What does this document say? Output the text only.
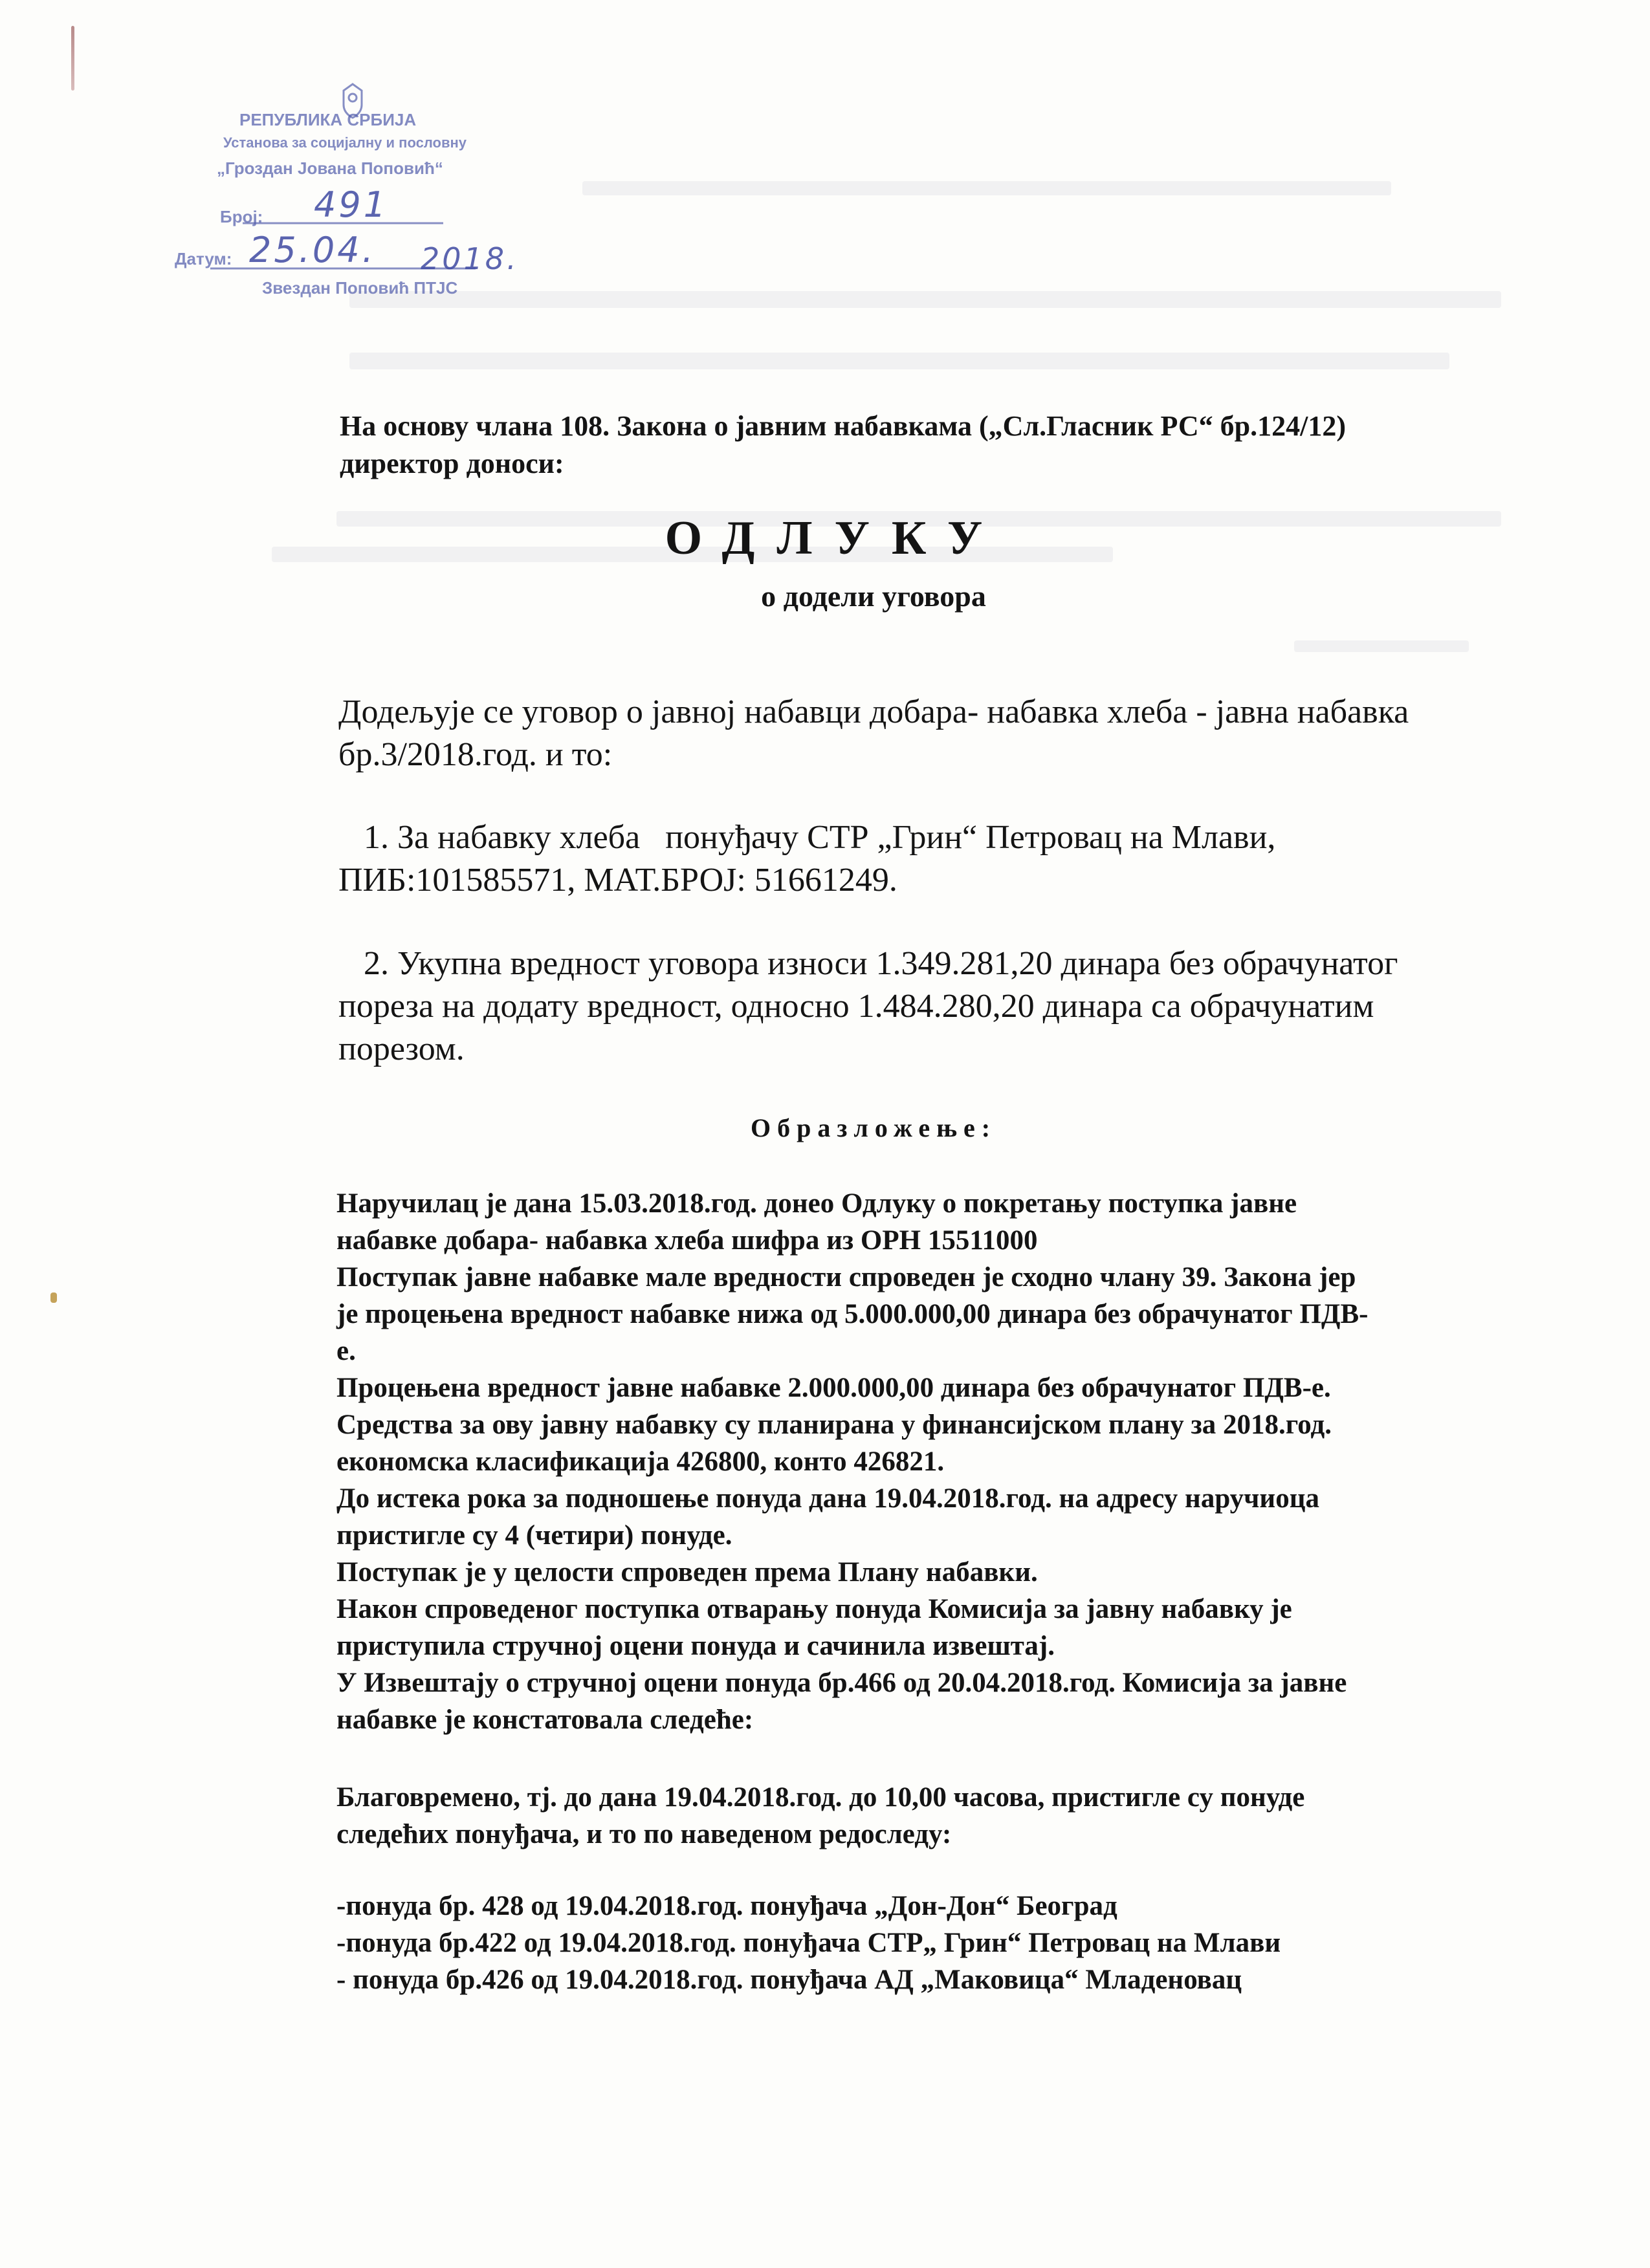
РЕПУБЛИКА СРБИЈА
Установа за социјалну и пословну
„Гроздан Јована Поповић“
Број: 491
Датум: 25.04. 2018.
Звездан Поповић ПТЈС
На основу члана 108. Закона о јавним набавкама („Сл.Гласник РС“ бр.124/12)
директор доноси:
ОДЛУКУ
о додели уговора
Додељује се уговор о јавној набавци добара- набавка хлеба - јавна набавка
бр.3/2018.год. и то:
1. За набавку хлеба   понуђачу СТР „Грин“ Петровац на Млави,
ПИБ:101585571, МАТ.БРОЈ: 51661249.
2. Укупна вредност уговора износи 1.349.281,20 динара без обрачунатог
пореза на додату вредност, односно 1.484.280,20 динара са обрачунатим
порезом.
Образложење:
Наручилац је дана 15.03.2018.год. донео Одлуку о покретању поступка јавне
набавке добара- набавка хлеба шифра из ОРН 15511000
Поступак јавне набавке мале вредности спроведен је сходно члану 39. Закона јер
је процењена вредност набавке нижа од 5.000.000,00 динара без обрачунатог ПДВ-
е.
Процењена вредност јавне набавке 2.000.000,00 динара без обрачунатог ПДВ-е.
Средства за ову јавну набавку су планирана у финансијском плану за 2018.год.
економска класификација 426800, конто 426821.
До истека рока за подношење понуда дана 19.04.2018.год. на адресу наручиоца
пристигле су 4 (четири) понуде.
Поступак је у целости спроведен према Плану набавки.
Након спроведеног поступка отварању понуда Комисија за јавну набавку је
приступила стручној оцени понуда и сачинила извештај.
У Извештају о стручној оцени понуда бр.466 од 20.04.2018.год. Комисија за јавне
набавке је констатовала следеће:
Благовремено, тј. до дана 19.04.2018.год. до 10,00 часова, пристигле су понуде
следећих понуђача, и то по наведеном редоследу:
-понуда бр. 428 од 19.04.2018.год. понуђача „Дон-Дон“ Београд
-понуда бр.422 од 19.04.2018.год. понуђача СТР„ Грин“ Петровац на Млави
- понуда бр.426 од 19.04.2018.год. понуђача АД „Маковица“ Младеновац
